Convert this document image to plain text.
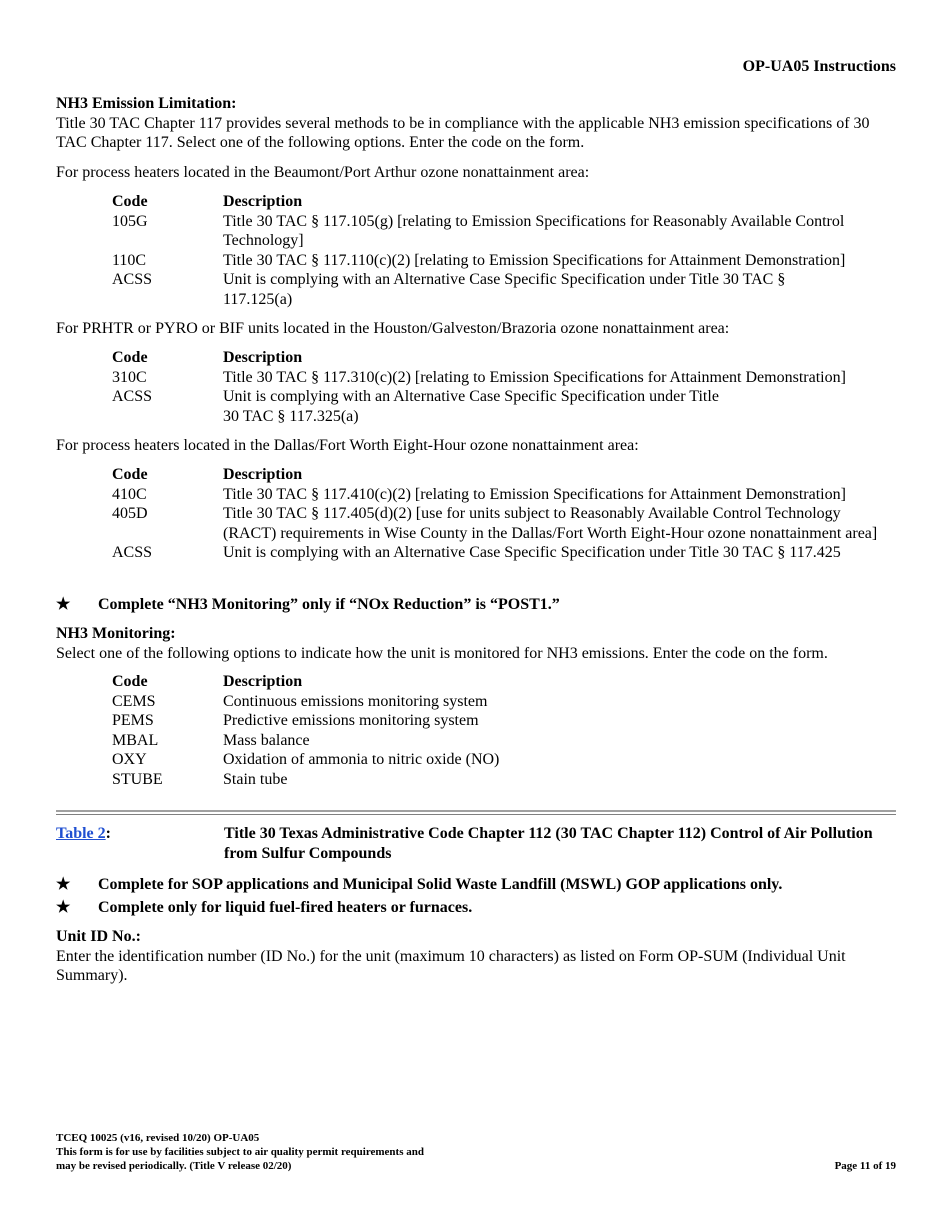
OP-UA05 Instructions

NH3 Emission Limitation:

Title 30 TAC Chapter 117 provides several methods to be in compliance with the applicable NH3 emission specifications of 30 TAC Chapter 117. Select one of the following options. Enter the code on the form.

For process heaters located in the Beaumont/Port Arthur ozone nonattainment area:

Code	Description
105G	Title 30 TAC § 117.105(g) [relating to Emission Specifications for Reasonably Available Control Technology]
110C	Title 30 TAC § 117.110(c)(2) [relating to Emission Specifications for Attainment Demonstration]
ACSS	Unit is complying with an Alternative Case Specific Specification under Title 30 TAC § 117.125(a)

For PRHTR or PYRO or BIF units located in the Houston/Galveston/Brazoria ozone nonattainment area:

Code	Description
310C	Title 30 TAC § 117.310(c)(2) [relating to Emission Specifications for Attainment Demonstration]
ACSS	Unit is complying with an Alternative Case Specific Specification under Title 30 TAC § 117.325(a)

For process heaters located in the Dallas/Fort Worth Eight-Hour ozone nonattainment area:

Code	Description
410C	Title 30 TAC § 117.410(c)(2) [relating to Emission Specifications for Attainment Demonstration]
405D	Title 30 TAC § 117.405(d)(2) [use for units subject to Reasonably Available Control Technology (RACT) requirements in Wise County in the Dallas/Fort Worth Eight-Hour ozone nonattainment area]
ACSS	Unit is complying with an Alternative Case Specific Specification under Title 30 TAC § 117.425
★ Complete “NH3 Monitoring” only if “NOx Reduction” is “POST1.”

NH3 Monitoring:

Select one of the following options to indicate how the unit is monitored for NH3 emissions. Enter the code on the form.

Code	Description
CEMS	Continuous emissions monitoring system
PEMS	Predictive emissions monitoring system
MBAL	Mass balance
OXY	Oxidation of ammonia to nitric oxide (NO)
STUBE	Stain tube
Table 2:	Title 30 Texas Administrative Code Chapter 112 (30 TAC Chapter 112) Control of Air Pollution from Sulfur Compounds
★ Complete for SOP applications and Municipal Solid Waste Landfill (MSWL) GOP applications only.
★ Complete only for liquid fuel-fired heaters or furnaces.

Unit ID No.:

Enter the identification number (ID No.) for the unit (maximum 10 characters) as listed on Form OP-SUM (Individual Unit Summary).

TCEQ 10025 (v16, revised 10/20) OP-UA05
This form is for use by facilities subject to air quality permit requirements and
may be revised periodically. (Title V release 02/20)	Page 11 of 19
